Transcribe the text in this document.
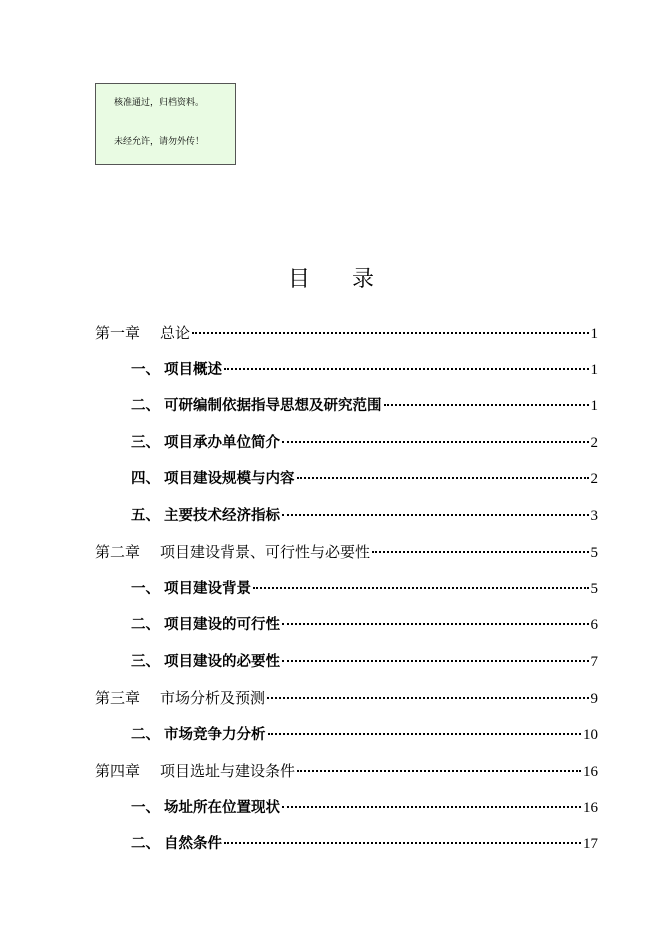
核准通过，归档资料。
未经允许，请勿外传！
目 录
第一章 总论	1
一、 项目概述	1
二、 可研编制依据指导思想及研究范围	1
三、 项目承办单位简介	2
四、 项目建设规模与内容	2
五、 主要技术经济指标	3
第二章 项目建设背景、可行性与必要性	5
一、 项目建设背景	5
二、 项目建设的可行性	6
三、 项目建设的必要性	7
第三章 市场分析及预测	9
二、 市场竞争力分析	10
第四章 项目选址与建设条件	16
一、 场址所在位置现状	16
二、 自然条件	17
